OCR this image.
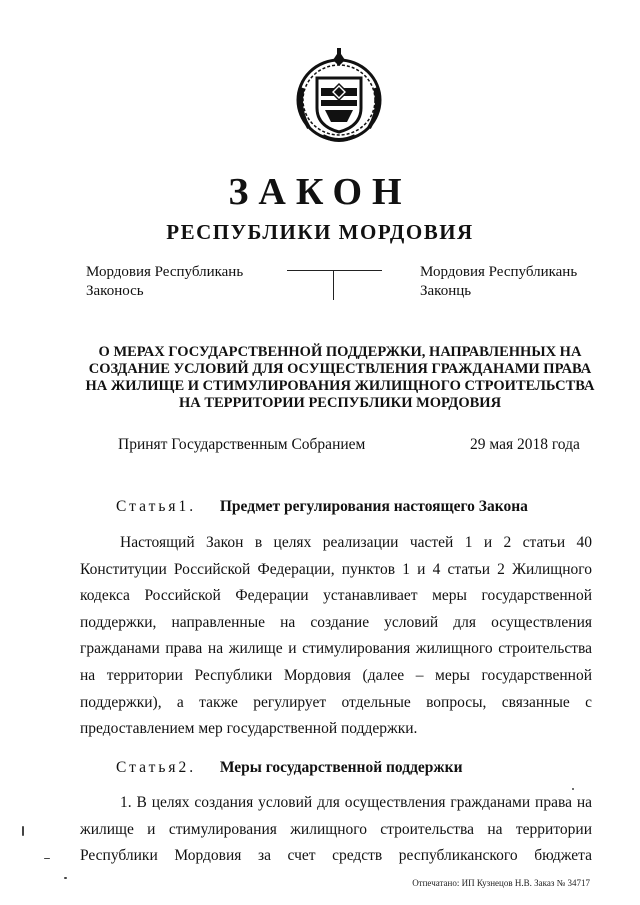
ЗАКОН
РЕСПУБЛИКИ МОРДОВИЯ
Мордовия Республикань
Законось
Мордовия Республикань
Законць
О МЕРАХ ГОСУДАРСТВЕННОЙ ПОДДЕРЖКИ, НАПРАВЛЕННЫХ НА
СОЗДАНИЕ УСЛОВИЙ ДЛЯ ОСУЩЕСТВЛЕНИЯ ГРАЖДАНАМИ ПРАВА
НА ЖИЛИЩЕ И СТИМУЛИРОВАНИЯ ЖИЛИЩНОГО СТРОИТЕЛЬСТВА
НА ТЕРРИТОРИИ РЕСПУБЛИКИ МОРДОВИЯ
Принят Государственным Собранием	29 мая 2018 года
Статья1. Предмет регулирования настоящего Закона
Настоящий Закон в целях реализации частей 1 и 2 статьи 40
Конституции Российской Федерации, пунктов 1 и 4 статьи 2 Жилищного
кодекса Российской Федерации устанавливает меры государственной
поддержки, направленные на создание условий для осуществления
гражданами права на жилище и стимулирования жилищного строительства
на территории Республики Мордовия (далее – меры государственной
поддержки), а также регулирует отдельные вопросы, связанные с
предоставлением мер государственной поддержки.
Статья2. Меры государственной поддержки
1. В целях создания условий для осуществления гражданами права на
жилище и стимулирования жилищного строительства на территории
Республики Мордовия за счет средств республиканского бюджета
Отпечатано: ИП Кузнецов Н.В. Заказ № 34717
